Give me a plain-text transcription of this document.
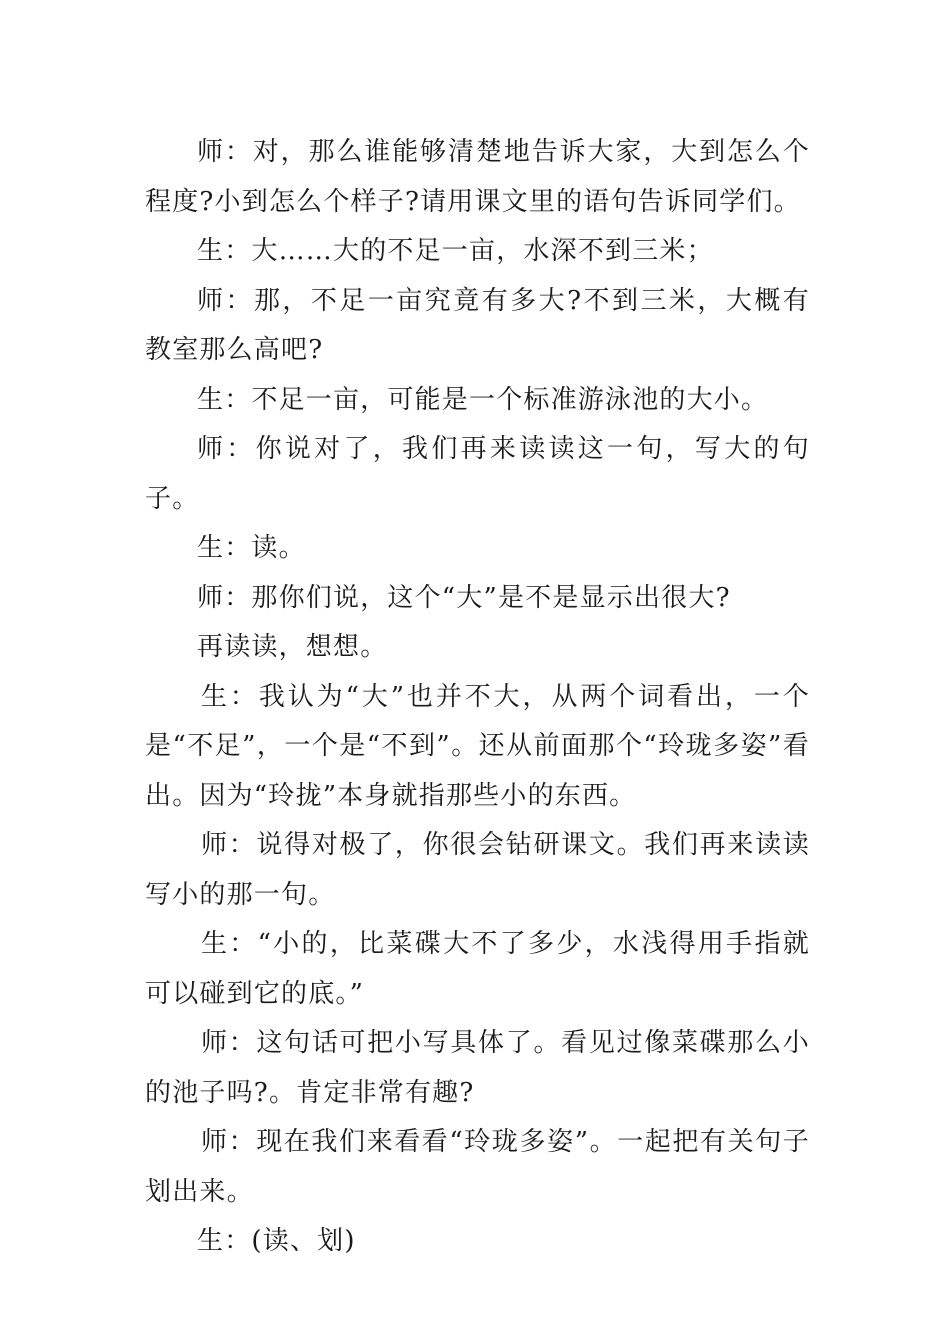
师：对，那么谁能够清楚地告诉大家，大到怎么个程度?小到怎么个样子?请用课文里的语句告诉同学们。

生：大……大的不足一亩，水深不到三米；

师：那，不足一亩究竟有多大?不到三米，大概有教室那么高吧?

生：不足一亩，可能是一个标准游泳池的大小。

师：你说对了，我们再来读读这一句，写大的句子。

生：读。

师：那你们说，这个“大”是不是显示出很大?

再读读，想想。

生：我认为“大”也并不大，从两个词看出，一个是“不足”，一个是“不到”。还从前面那个“玲珑多姿”看出。因为“玲拢”本身就指那些小的东西。

师：说得对极了，你很会钻研课文。我们再来读读写小的那一句。

生：“小的，比菜碟大不了多少，水浅得用手指就可以碰到它的底。”

师：这句话可把小写具体了。看见过像菜碟那么小的池子吗?。肯定非常有趣?

师：现在我们来看看“玲珑多姿”。一起把有关句子划出来。

生：(读、划)
